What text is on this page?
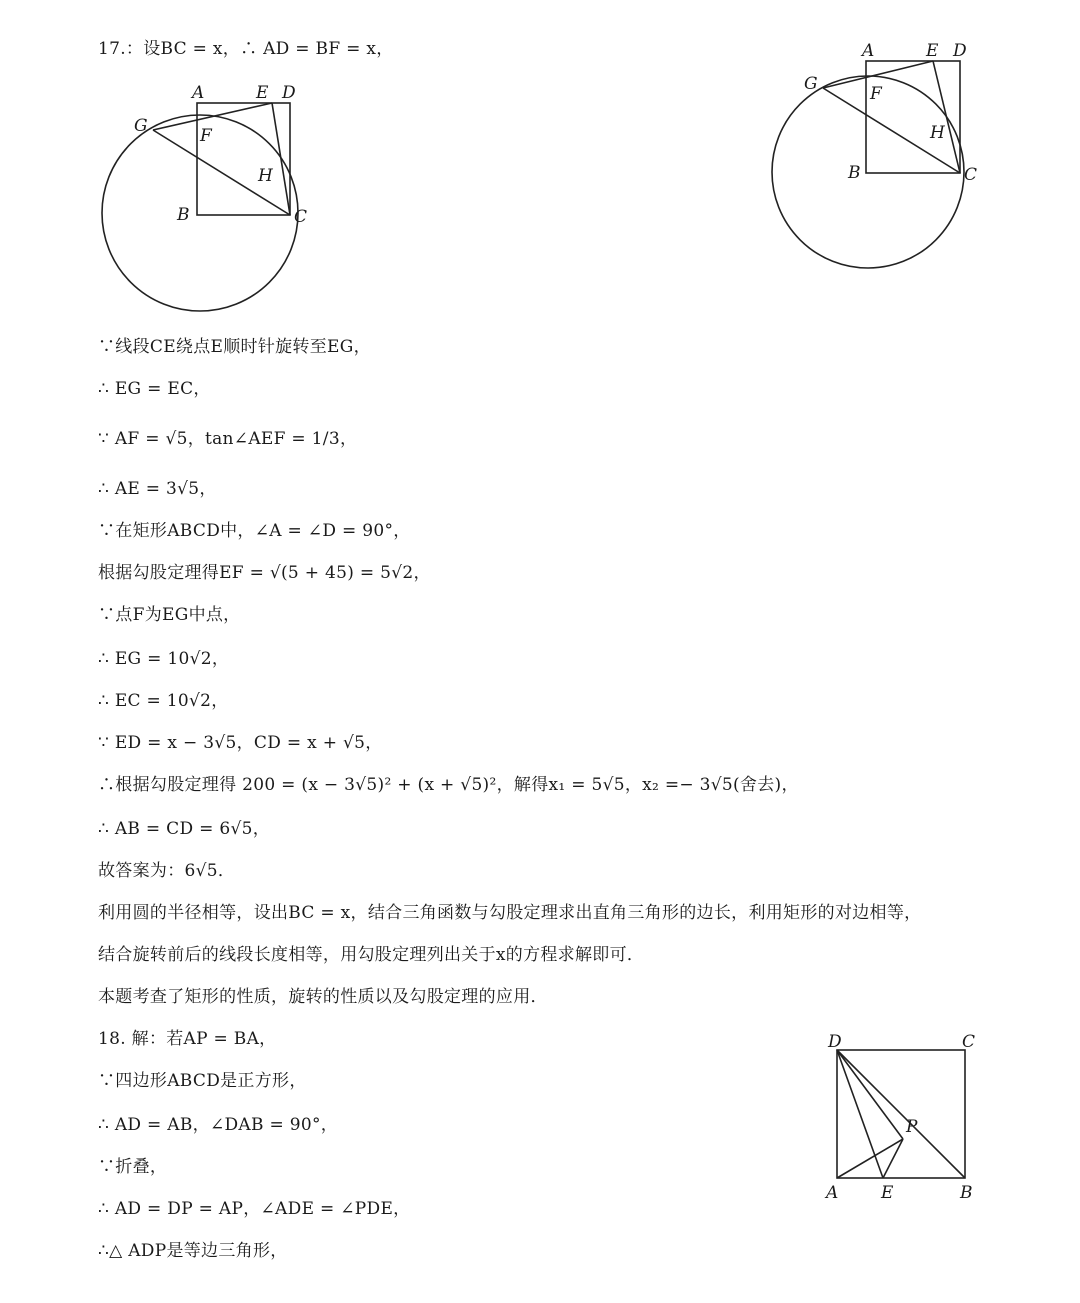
17.：设BC = x，∴ AD = BF = x，
∵线段CE绕点E顺时针旋转至EG，
∴ EG = EC，
∵ AF = √5，tan∠AEF = 1/3，
∴ AE = 3√5，
∵在矩形ABCD中，∠A = ∠D = 90°，
根据勾股定理得EF = √(5 + 45) = 5√2，
∵点F为EG中点，
∴ EG = 10√2，
∴ EC = 10√2，
∵ ED = x − 3√5，CD = x + √5，
∴根据勾股定理得 200 = (x − 3√5)² + (x + √5)²，解得x₁ = 5√5，x₂ =− 3√5(舍去)，
∴ AB = CD = 6√5，
故答案为：6√5．
利用圆的半径相等，设出BC = x，结合三角函数与勾股定理求出直角三角形的边长，利用矩形的对边相等，
结合旋转前后的线段长度相等，用勾股定理列出关于x的方程求解即可．
本题考查了矩形的性质，旋转的性质以及勾股定理的应用．
18. 解：若AP = BA，
∵四边形ABCD是正方形，
∴ AD = AB，∠DAB = 90°，
∵折叠，
∴ AD = DP = AP，∠ADE = ∠PDE，
∴△ ADP是等边三角形，
A	E D
G	F
H
B	C
A	E D
G	F
H
B	C
D	C
P
A	E	B
